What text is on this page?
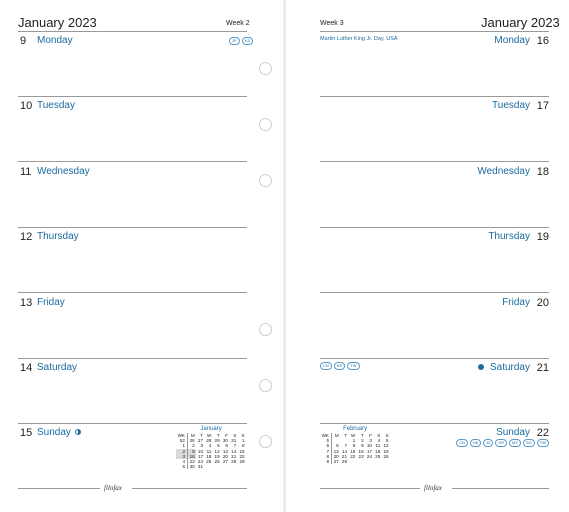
January 2023	Week 2
JP	KS
9 Monday
10 Tuesday
11 Wednesday
12 Thursday
13 Friday
14 Saturday
15 Sunday	January
WK	M	T	W	T	F	S	S
52	26	27	28	29	30	31	1
1	2	3	4	5	6	7	8
2	9	10	11	12	13	14	15
3	16	17	18	19	20	21	22
4	23	24	25	26	27	28	29
5	30	31					
filofax
Week 3	January 2023
Martin Luther King Jr. Day, USA	Monday 16
Tuesday 17
Wednesday 18
Thursday 19
Friday 20
CN	KR	TW	Saturday 21
Sunday 22
CN	HK	ID	KR	MY	SG	TW
February
WK	M	T	W	T	F	S	S
5			1	2	3	4	5
6	6	7	8	9	10	11	12
7	13	14	15	16	17	18	19
8	20	21	22	23	24	25	26
9	27	28					
filofax
